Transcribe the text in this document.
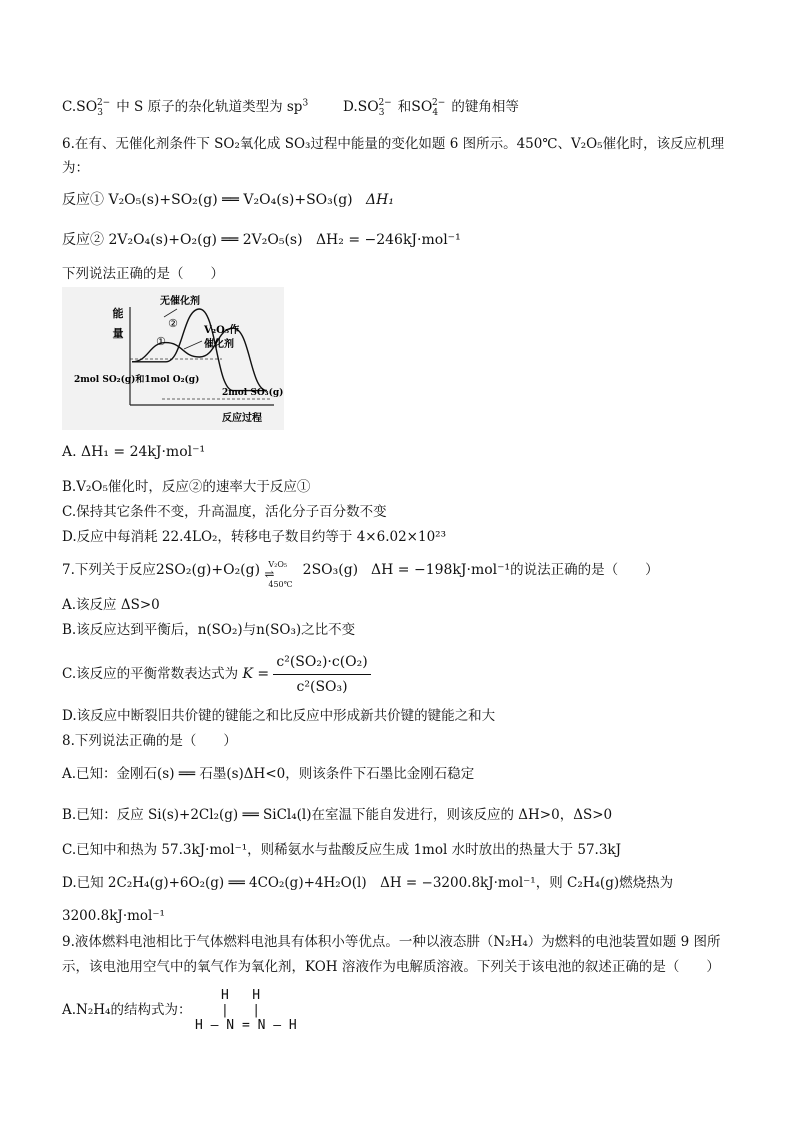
$C.SO_3^{2-}$ 中 S 原子的杂化轨道类型为 $sp^3$	$D.SO_3^{2-}$ 和$SO_4^{2-}$ 的键角相等
6.在有、无催化剂条件下 SO₂氧化成 SO₃过程中能量的变化如题 6 图所示。450℃、V₂O₅催化时，该反应机理为：
反应① V₂O₅(s)+SO₂(g) ══ V₂O₄(s)+SO₃(g) ΔH₁
反应② 2V₂O₄(s)+O₂(g) ══ 2V₂O₅(s) ΔH₂ = −246kJ·mol⁻¹
下列说法正确的是（　　）
能
量
无催化剂
V₂O₅作
催化剂
①
②
2mol SO₂(g)和1mol O₂(g)
2mol SO₃(g)
反应过程
A. ΔH₁ = 24kJ·mol⁻¹
B.V₂O₅催化时，反应②的速率大于反应①
C.保持其它条件不变，升高温度，活化分子百分数不变
D.反应中每消耗 22.4LO₂，转移电子数目约等于 4×6.02×10²³
7.下列关于反应2SO₂(g)+O₂(g) V₂O₅
⇌
450℃
2SO₃(g) ΔH = −198kJ·mol⁻¹的说法正确的是（　　）
A.该反应 ΔS>0
B.该反应达到平衡后，n(SO₂)与n(SO₃)之比不变
C.该反应的平衡常数表达式为 $K = \frac{\text{c²(SO₂)·c(O₂)}}{\text{c²(SO₃)}}$
D.该反应中断裂旧共价键的键能之和比反应中形成新共价键的键能之和大
8.下列说法正确的是（　　）
A.已知：金刚石(s) ══ 石墨(s)ΔH<0，则该条件下石墨比金刚石稳定
B.已知：反应 Si(s)+2Cl₂(g) ══ SiCl₄(l)在室温下能自发进行，则该反应的 ΔH>0，ΔS>0
C.已知中和热为 57.3kJ·mol⁻¹，则稀氨水与盐酸反应生成 1mol 水时放出的热量大于 57.3kJ
D.已知 2C₂H₄(g)+6O₂(g) ══ 4CO₂(g)+4H₂O(l)　ΔH = −3200.8kJ·mol⁻¹，则 C₂H₄(g)燃烧热为
3200.8kJ·mol⁻¹
9.液体燃料电池相比于气体燃料电池具有体积小等优点。一种以液态肼（N₂H₄）为燃料的电池装置如题 9 图所示，该电池用空气中的氧气作为氧化剂，KOH 溶液作为电解质溶液。下列关于该电池的叙述正确的是（　　）
A.N₂H₄的结构式为：
H   H
|   |
H – N = N – H
